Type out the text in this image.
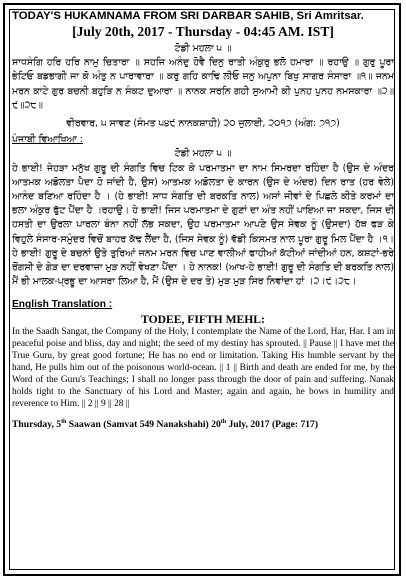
TODAY'S HUKAMNAMA FROM SRI DARBAR SAHIB, Sri Amritsar.
[July 20th, 2017 - Thursday - 04:45 AM. IST]
ਟੋਡੀ ਮਹਲਾ ੫ ॥
ਸਾਧਸੰਗਿ ਹਰਿ ਹਰਿ ਨਾਮੁ ਚਿਤਾਰਾ ॥ ਸਹਜਿ ਅਨੰਦੁ ਹੋਵੈ ਦਿਨੁ ਰਾਤੀ ਅੰਕੁਰੁ ਭਲੋ ਹਮਾਰਾ ॥ ਰਹਾਉ ॥ ਗੁਰੁ ਪੂਰਾ ਭੇਟਿਓ ਬਡਭਾਗੀ ਜਾ ਕੋ ਅੰਤੁ ਨ ਪਾਰਾਵਾਰਾ ॥ ਕਰੁ ਗਹਿ ਕਾਢਿ ਲੀਓ ਜਨੁ ਅਪੁਨਾ ਬਿਖੁ ਸਾਗਰ ਸੰਸਾਰਾ ॥੧॥ ਜਨਮ ਮਰਨ ਕਾਟੇ ਗੁਰ ਬਚਨੀ ਬਹੁੜਿ ਨ ਸੰਕਟ ਦੁਆਰਾ ॥ ਨਾਨਕ ਸਰਨਿ ਗਹੀ ਸੁਆਮੀ ਕੀ ਪੁਨਹ ਪੁਨਹ ਨਮਸਕਾਰਾ ॥੨॥੯॥੨੮॥
ਵੀਰਵਾਰ, ੫ ਸਾਵਣ (ਸੰਮਤ ੫੪੯ ਨਾਨਕਸ਼ਾਹੀ) ੨੦ ਜੁਲਾਈ, ੨੦੧੭ (ਅੰਗ: ੭੧੭)
ਪੰਜਾਬੀ ਵਿਆਖਿਆ :
ਟੋਡੀ ਮਹਲਾ ੫ ॥
ਹੇ ਭਾਈ! ਜੇਹੜਾ ਮਨੁੱਖ ਗੁਰੂ ਦੀ ਸੰਗਤਿ ਵਿਚ ਟਿਕ ਕੇ ਪਰਮਾਤਮਾ ਦਾ ਨਾਮ ਸਿਮਰਦਾ ਰਹਿੰਦਾ ਹੈ (ਉਸ ਦੇ ਅੰਦਰ ਆਤਮਕ ਅਡੋਲਤਾ ਪੈਦਾ ਹੋ ਜਾਂਦੀ ਹੈ, ਉਸ) ਆਤਮਕ ਅਡੋਲਤਾ ਦੇ ਕਾਰਨ (ਉਸ ਦੇ ਅੰਦਰ) ਦਿਨ ਰਾਤ (ਹਰ ਵੇਲੇ) ਆਨੰਦ ਬਣਿਆ ਰਹਿੰਦਾ ਹੈ । (ਹੇ ਭਾਈ! ਸਾਧ ਸੰਗਤਿ ਦੀ ਬਰਕਤਿ ਨਾਲ) ਅਸਾਂ ਜੀਵਾਂ ਦੇ ਪਿਛਲੇ ਕੀਤੇ ਕਰਮਾਂ ਦਾ ਭਲਾ ਅੰਕੁਰ ਫੁੱਟ ਪੈਂਦਾ ਹੈ ।ਰਹਾਉ। ਹੇ ਭਾਈ! ਜਿਸ ਪਰਮਾਤਮਾ ਦੇ ਗੁਣਾਂ ਦਾ ਅੰਤ ਨਹੀਂ ਪਾਇਆ ਜਾ ਸਕਦਾ, ਜਿਸ ਦੀ ਹਸਤੀ ਦਾ ਉਰਲਾ ਪਾਰਲਾ ਬੰਨਾ ਨਹੀਂ ਲੱਭ ਸਕਦਾ, ਉਹ ਪਰਮਾਤਮਾ ਆਪਣੇ ਉਸ ਸੇਵਕ ਨੂੰ (ਉਸਦਾ) ਹੱਥ ਫੜ ਕੇ ਵਿਹੁਲੇ ਸੰਸਾਰ-ਸਮੁੰਦਰ ਵਿਚੋਂ ਬਾਹਰ ਕੱਢ ਲੈਂਦਾ ਹੈ, (ਜਿਸ ਸੇਵਕ ਨੂੰ) ਵੱਡੀ ਕਿਸਮਤ ਨਾਲ ਪੂਰਾ ਗੁਰੂ ਮਿਲ ਪੈਂਦਾ ਹੈ ।੧। ਹੇ ਭਾਈ! ਗੁਰੂ ਦੇ ਬਚਨਾਂ ਉਤੇ ਤੁਰਿਆਂ ਜਨਮ ਮਰਨ ਵਿਚ ਪਾਣ ਵਾਲੀਆਂ ਫਾਹੀਆਂ ਕੱਟੀਆਂ ਜਾਂਦੀਆਂ ਹਨ, ਕਸ਼ਟਾਂ-ਭਰੇ ਰੋਂਗਸੀ ਦੇ ਗੇੜ ਦਾ ਦਰਵਾਜ਼ਾ ਮੁੜ ਨਹੀਂ ਵੇਖਣਾ ਪੈਂਦਾ । ਹੇ ਨਾਨਕ! (ਆਖ-ਹੇ ਭਾਈ! ਗੁਰੂ ਦੀ ਸੰਗਤਿ ਦੀ ਬਰਕਤਿ ਨਾਲ) ਮੈਂ ਭੀ ਮਾਲਕ-ਪ੍ਰਭੂ ਦਾ ਆਸਰਾ ਲਿਆ ਹੈ, ਮੈਂ (ਉਸ ਦੇ ਦਰ ਤੇ) ਮੁੜ ਮੁੜ ਸਿਰ ਨਿਵਾਂਦਾ ਹਾਂ ।੨।੯।੨੮।
English Translation :
TODEE, FIFTH MEHL:
In the Saadh Sangat, the Company of the Holy, I contemplate the Name of the Lord, Har, Har. I am in peaceful poise and bliss, day and night; the seed of my destiny has sprouted. || Pause || I have met the True Guru, by great good fortune; He has no end or limitation. Taking His humble servant by the hand, He pulls him out of the poisonous world-ocean. || 1 || Birth and death are ended for me, by the Word of the Guru's Teachings; I shall no longer pass through the door of pain and suffering. Nanak holds tight to the Sanctuary of his Lord and Master; again and again, he bows in humility and reverence to Him. || 2 || 9 || 28 ||
Thursday, 5th Saawan (Samvat 549 Nanakshahi) 20th July, 2017 (Page: 717)
